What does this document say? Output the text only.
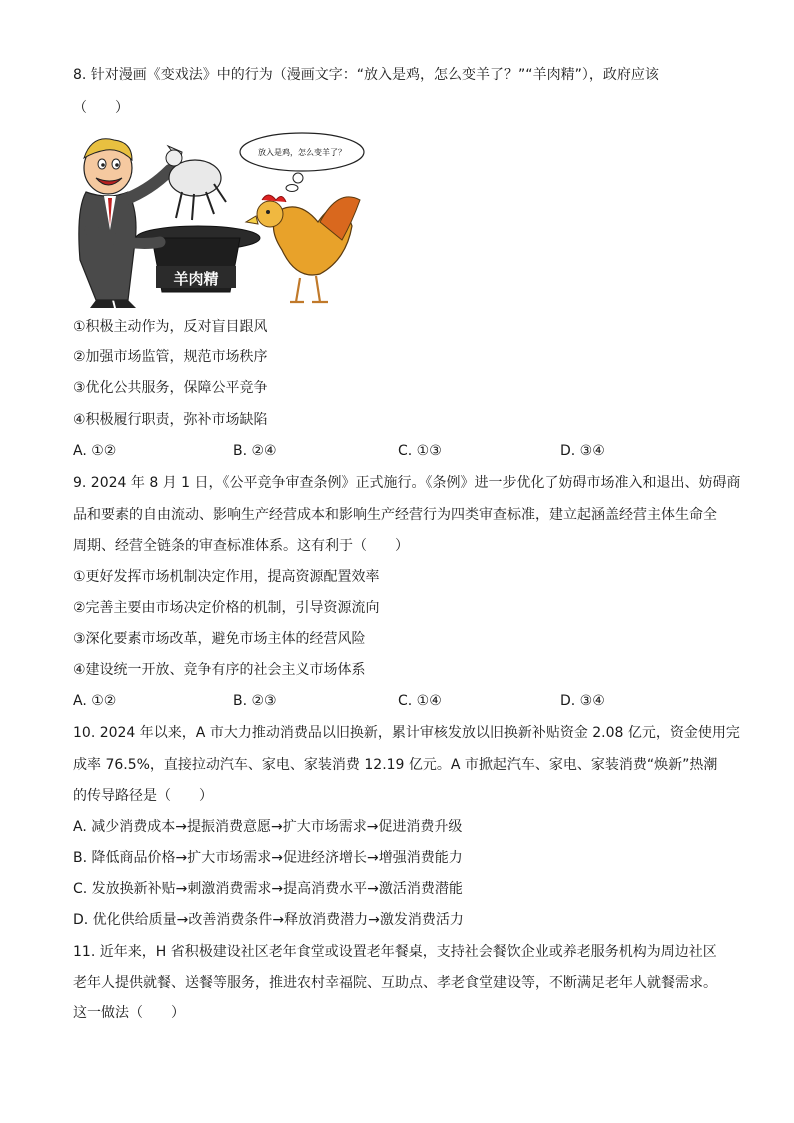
8. 针对漫画《变戏法》中的行为（漫画文字：“放入是鸡，怎么变羊了？”“羊肉精”），政府应该
（　　）
放入是鸡，怎么变羊了？
羊肉精
①积极主动作为，反对盲目跟风
②加强市场监管，规范市场秩序
③优化公共服务，保障公平竞争
④积极履行职责，弥补市场缺陷
A. ①②	B. ②④	C. ①③	D. ③④
9. 2024 年 8 月 1 日，《公平竞争审查条例》正式施行。《条例》进一步优化了妨碍市场准入和退出、妨碍商
品和要素的自由流动、影响生产经营成本和影响生产经营行为四类审查标准，建立起涵盖经营主体生命全
周期、经营全链条的审查标准体系。这有利于（　　）
①更好发挥市场机制决定作用，提高资源配置效率
②完善主要由市场决定价格的机制，引导资源流向
③深化要素市场改革，避免市场主体的经营风险
④建设统一开放、竞争有序的社会主义市场体系
A. ①②	B. ②③	C. ①④	D. ③④
10. 2024 年以来，A 市大力推动消费品以旧换新，累计审核发放以旧换新补贴资金 2.08 亿元，资金使用完
成率 76.5%，直接拉动汽车、家电、家装消费 12.19 亿元。A 市掀起汽车、家电、家装消费“焕新”热潮
的传导路径是（　　）
A. 减少消费成本→提振消费意愿→扩大市场需求→促进消费升级
B. 降低商品价格→扩大市场需求→促进经济增长→增强消费能力
C. 发放换新补贴→刺激消费需求→提高消费水平→激活消费潜能
D. 优化供给质量→改善消费条件→释放消费潜力→激发消费活力
11. 近年来，H 省积极建设社区老年食堂或设置老年餐桌，支持社会餐饮企业或养老服务机构为周边社区
老年人提供就餐、送餐等服务，推进农村幸福院、互助点、孝老食堂建设等，不断满足老年人就餐需求。
这一做法（　　）
